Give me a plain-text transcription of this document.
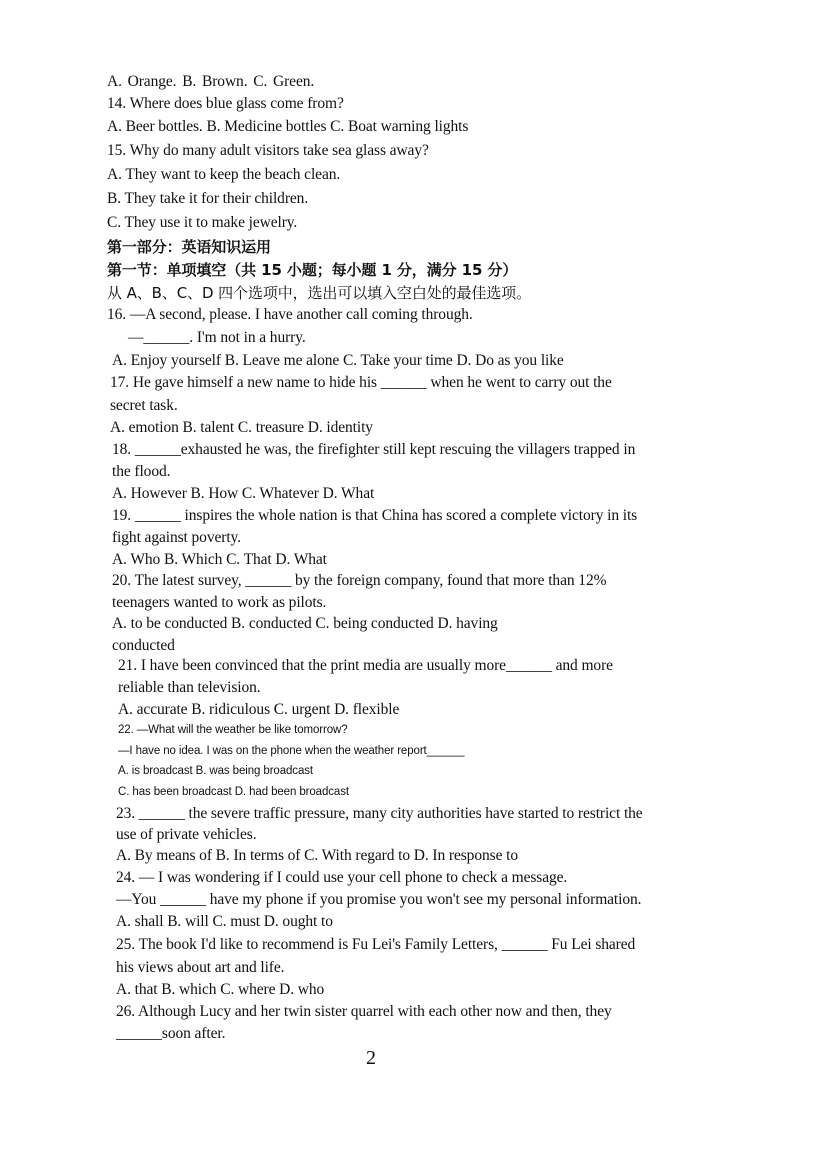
A. Orange. B. Brown. C. Green.
14. Where does blue glass come from?
A. Beer bottles. B. Medicine bottles C. Boat warning lights
15. Why do many adult visitors take sea glass away?
A. They want to keep the beach clean.
B. They take it for their children.
C. They use it to make jewelry.
第一部分：英语知识运用
第一节：单项填空（共 15 小题；每小题 1 分，满分 15 分）
从 A、B、C、D 四个选项中，选出可以填入空白处的最佳选项。
16. —A second, please. I have another call coming through.
—______. I'm not in a hurry.
A. Enjoy yourself B. Leave me alone C. Take your time D. Do as you like
17. He gave himself a new name to hide his ______ when he went to carry out the
secret task.
A. emotion B. talent C. treasure D. identity
18. ______exhausted he was, the firefighter still kept rescuing the villagers trapped in
the flood.
A. However B. How C. Whatever D. What
19. ______ inspires the whole nation is that China has scored a complete victory in its
fight against poverty.
A. Who B. Which C. That D. What
20. The latest survey, ______ by the foreign company, found that more than 12%
teenagers wanted to work as pilots.
A. to be conducted B. conducted C. being conducted D. having
conducted
21. I have been convinced that the print media are usually more______ and more
reliable than television.
A. accurate B. ridiculous C. urgent D. flexible
22. —What will the weather be like tomorrow?
—I have no idea. I was on the phone when the weather report______
A. is broadcast B. was being broadcast
C. has been broadcast D. had been broadcast
23. ______ the severe traffic pressure, many city authorities have started to restrict the
use of private vehicles.
A. By means of B. In terms of C. With regard to D. In response to
24. — I was wondering if I could use your cell phone to check a message.
—You ______ have my phone if you promise you won't see my personal information.
A. shall B. will C. must D. ought to
25. The book I'd like to recommend is Fu Lei's Family Letters, ______ Fu Lei shared
his views about art and life.
A. that B. which C. where D. who
26. Although Lucy and her twin sister quarrel with each other now and then, they
______soon after.
2
